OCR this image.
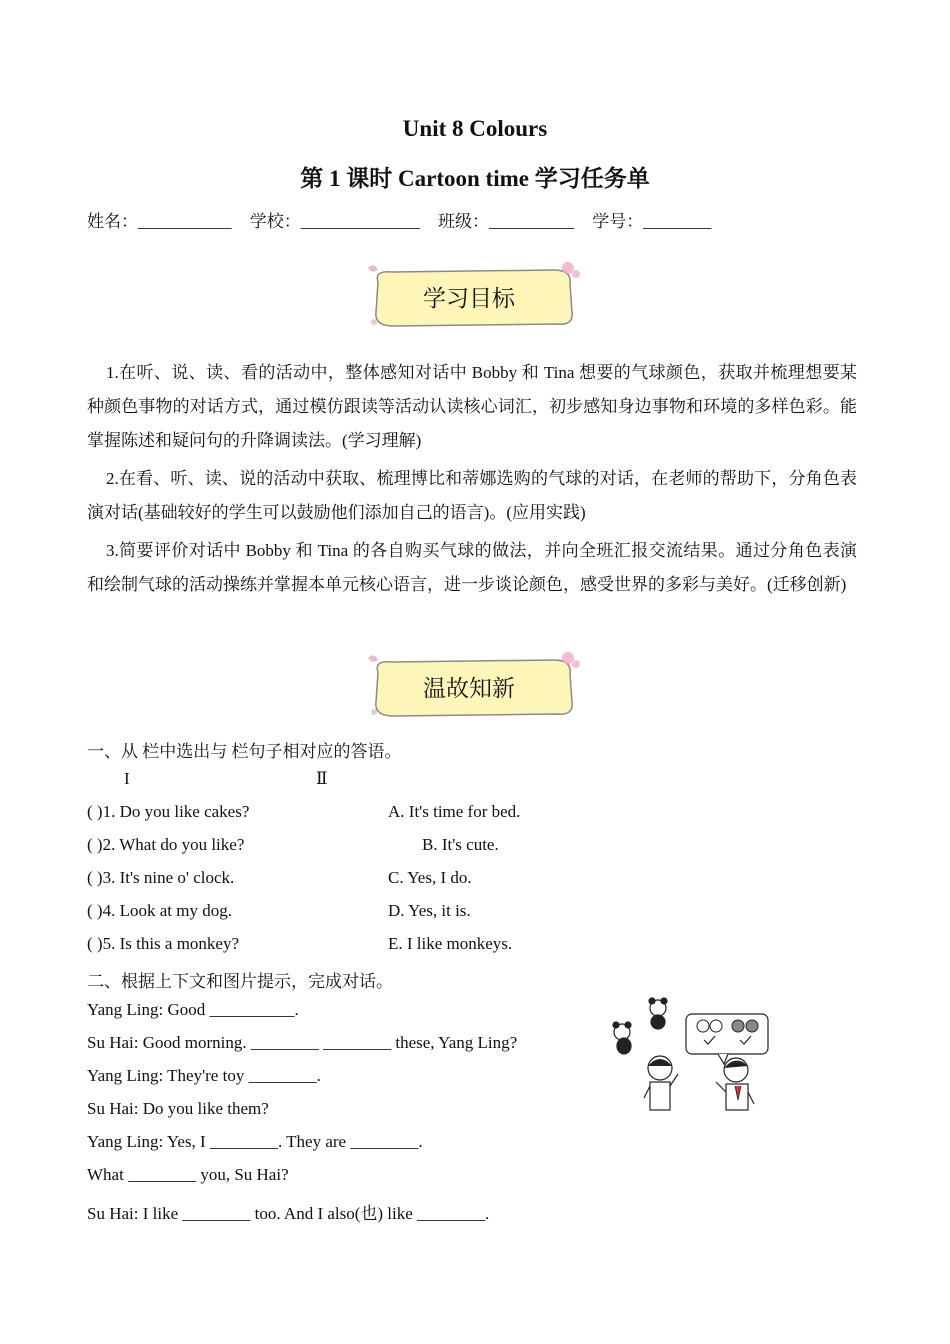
Unit 8 Colours
第 1 课时 Cartoon time 学习任务单
姓名：___________ 学校：______________ 班级：__________ 学号：________
学习目标
1.在听、说、读、看的活动中，整体感知对话中 Bobby 和 Tina 想要的气球颜色，获取并梳理想要某种颜色事物的对话方式，通过模仿跟读等活动认读核心词汇，初步感知身边事物和环境的多样色彩。能掌握陈述和疑问句的升降调读法。(学习理解)
2.在看、听、读、说的活动中获取、梳理博比和蒂娜选购的气球的对话，在老师的帮助下，分角色表演对话(基础较好的学生可以鼓励他们添加自己的语言)。(应用实践)
3.简要评价对话中 Bobby 和 Tina 的各自购买气球的做法，并向全班汇报交流结果。通过分角色表演和绘制气球的活动操练并掌握本单元核心语言，进一步谈论颜色，感受世界的多彩与美好。(迁移创新)
温故知新
一、从 栏中选出与 栏句子相对应的答语。
I	Ⅱ
( )1. Do you like cakes?
( )2. What do you like?
( )3. It's nine o' clock.
( )4. Look at my dog.
( )5. Is this a monkey?
A. It's time for bed.
B. It's cute.
C. Yes, I do.
D. Yes, it is.
E. I like monkeys.
二、根据上下文和图片提示，完成对话。
Yang Ling: Good __________.
Su Hai: Good morning. ________ ________ these, Yang Ling?
Yang Ling: They're toy ________.
Su Hai: Do you like them?
Yang Ling: Yes, I ________. They are ________.
What ________ you, Su Hai?
Su Hai: I like ________ too. And I also(也) like ________.
